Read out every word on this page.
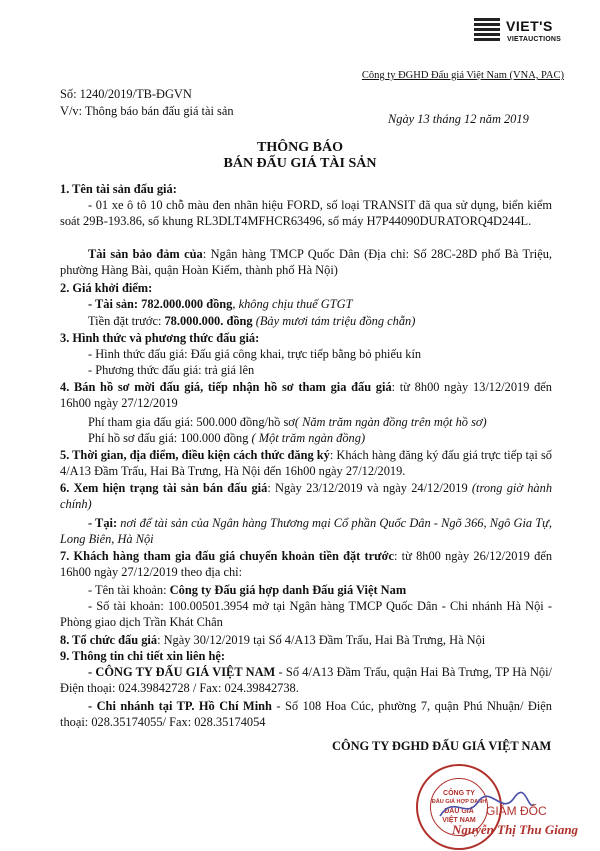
VIET'S
VIETAUCTIONS
Công ty ĐGHD Đấu giá Việt Nam (VNA, PAC)
Số: 1240/2019/TB-ĐGVN
V/v: Thông báo bán đấu giá tài sản
Ngày 13 tháng 12 năm 2019
THÔNG BÁO
BÁN ĐẤU GIÁ TÀI SẢN
1. Tên tài sản đấu giá:
- 01 xe ô tô 10 chỗ màu đen nhãn hiệu FORD, số loại TRANSIT đã qua sử dụng, biển kiểm soát 29B-193.86, số khung RL3DLT4MFHCR63496, số máy H7P44090DURATORQ4D244L.
Tài sản bảo đảm của: Ngân hàng TMCP Quốc Dân (Địa chỉ: Số 28C-28D phố Bà Triệu, phường Hàng Bài, quận Hoàn Kiếm, thành phố Hà Nội)
2. Giá khởi điểm:
- Tài sản: 782.000.000 đồng, không chịu thuế GTGT
Tiền đặt trước: 78.000.000. đồng (Bảy mươi tám triệu đồng chẵn)
3. Hình thức và phương thức đấu giá:
- Hình thức đấu giá: Đấu giá công khai, trực tiếp bằng bỏ phiếu kín
- Phương thức đấu giá: trả giá lên
4. Bán hồ sơ mời đấu giá, tiếp nhận hồ sơ tham gia đấu giá: từ 8h00 ngày 13/12/2019 đến 16h00 ngày 27/12/2019
Phí tham gia đấu giá: 500.000 đồng/hồ sơ( Năm trăm ngàn đồng trên một hồ sơ)
Phí hồ sơ đấu giá: 100.000 đồng ( Một trăm ngàn đồng)
5. Thời gian, địa điểm, điều kiện cách thức đăng ký: Khách hàng đăng ký đấu giá trực tiếp tại số 4/A13 Đầm Trấu, Hai Bà Trưng, Hà Nội đến 16h00 ngày 27/12/2019.
6. Xem hiện trạng tài sản bán đấu giá: Ngày 23/12/2019 và ngày 24/12/2019 (trong giờ hành chính)
- Tại: nơi để tài sản của Ngân hàng Thương mại Cổ phần Quốc Dân - Ngõ 366, Ngô Gia Tự, Long Biên, Hà Nội
7. Khách hàng tham gia đấu giá chuyển khoản tiền đặt trước: từ 8h00 ngày 26/12/2019 đến 16h00 ngày 27/12/2019 theo địa chỉ:
- Tên tài khoản: Công ty Đấu giá hợp danh Đấu giá Việt Nam
- Số tài khoản: 100.00501.3954 mở tại Ngân hàng TMCP Quốc Dân - Chi nhánh Hà Nội - Phòng giao dịch Trần Khát Chân
8. Tổ chức đấu giá: Ngày 30/12/2019 tại Số 4/A13 Đầm Trấu, Hai Bà Trưng, Hà Nội
9. Thông tin chi tiết xin liên hệ:
- CÔNG TY ĐẤU GIÁ VIỆT NAM - Số 4/A13 Đầm Trấu, quận Hai Bà Trưng, TP Hà Nội/ Điện thoại: 024.39842728 / Fax: 024.39842738.
- Chi nhánh tại TP. Hồ Chí Minh - Số 108 Hoa Cúc, phường 7, quận Phú Nhuận/ Điện thoại: 028.35174055/ Fax: 028.35174054
CÔNG TY ĐGHD ĐẤU GIÁ VIỆT NAM
CÔNG TY
ĐẤU GIÁ HỢP DANH
ĐẤU GIÁ
VIỆT NAM
GIÁM ĐỐC
Nguyễn Thị Thu Giang
